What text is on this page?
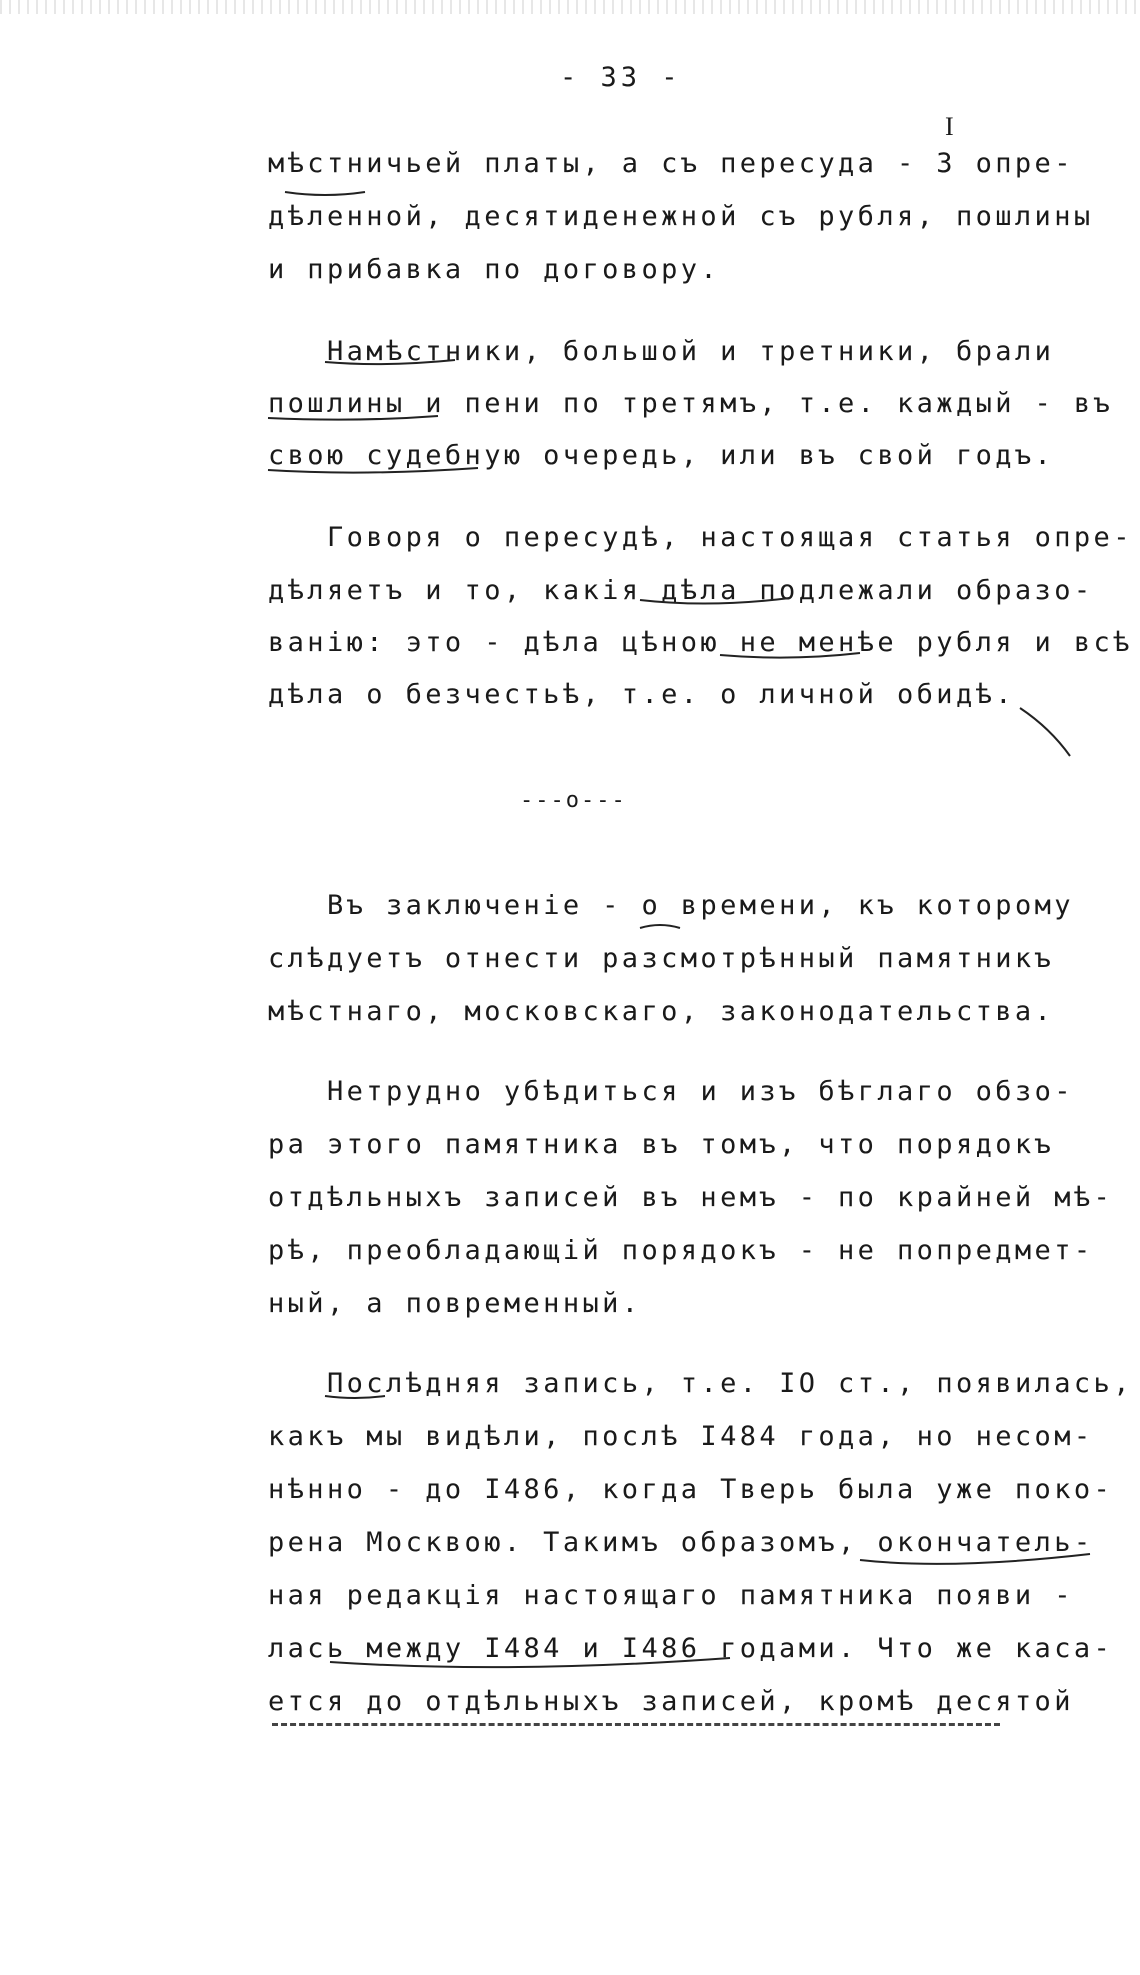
- 33 -
I
мѣстничьей платы, а съ пересуда - 3 опре-
дѣленной, десятиденежной съ рубля, пошлины
и прибавка по договору.
Намѣстники, большой и третники, брали
пошлины и пени по третямъ, т.е. каждый - въ
свою судебную очередь, или въ свой годъ.
Говоря о пересудѣ, настоящая статья опре-
дѣляетъ и то, какія дѣла подлежали обрaзо-
ванію: это - дѣла цѣною не менѣе рубля и всѣ
дѣла о безчестьѣ, т.е. о личной обидѣ.
---о---
Въ заключеніе - о времени, къ которому
слѣдуетъ отнести разсмотрѣнный памятникъ
мѣстнаго, московскаго, законодательства.
Нетрудно убѣдиться и изъ бѣглаго обзо-
ра этого памятника въ томъ, что порядокъ
отдѣльныхъ записей въ немъ - по крайней мѣ-
рѣ, преобладающій порядокъ - не попредмет-
ный, а повременный.
Послѣдняя запись, т.е. IO ст., появилась,
какъ мы видѣли, послѣ I484 года, но несом-
нѣнно - до I486, когда Тверь была уже поко-
рена Москвою. Такимъ образомъ, окончатель-
ная редакція настоящаго памятника появи -
лась между I484 и I486 годами. Что же каса-
ется до отдѣльныхъ записей, кромѣ десятой
